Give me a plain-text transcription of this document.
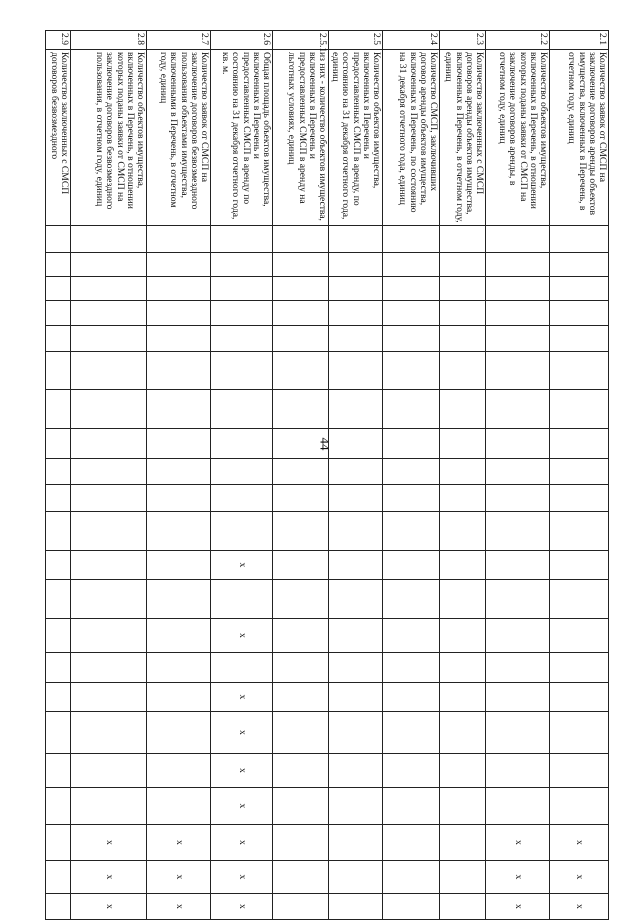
44
2.1	Количество заявок от СМСП на заключение договоров аренды объектов имущества, включенных в Перечень, в отчетном году, единиц																				x	x	x
2.2	Количество объектов имущества, включенных в Перечень, в отношении которых поданы заявки от СМСП на заключение договоров аренды, в отчетном году, единиц																				x	x	x
2.3	Количество заключенных с СМСП договоров аренды объектов имущества, включенных в Перечень, в отчетном году, единиц																						
2.4	Количество СМСП, заключивших договор аренды объектов имущества, включенных в Перечень, по состоянию на 31 декабря отчетного года, единиц																						
2.5	Количество объектов имущества, включенных в Перечень и предоставленных СМСП в аренду, по состоянию на 31 декабря отчетного года, единиц																						
2.5.1	из них - количество объектов имущества, включенных в Перечень и предоставленных СМСП в аренду на льготных условиях, единиц																						
2.6	Общая площадь объектов имущества, включенных в Перечень и предоставленных СМСП в аренду по состоянию на 31 декабря отчетного года, кв. м.												x		x		x	x	x	x	x	x	x
2.7	Количество заявок от СМСП на заключение договоров безвозмездного пользования объектами имущества, включенными в Перечень, в отчетном году, единиц																				x	x	x
2.8	Количество объектов имущества, включенных в Перечень, в отношении которых поданы заявки от СМСП на заключение договоров безвозмездного пользования, в отчетном году, единиц																				x	x	x
2.9	Количество заключенных с СМСП договоров безвозмездного																						
